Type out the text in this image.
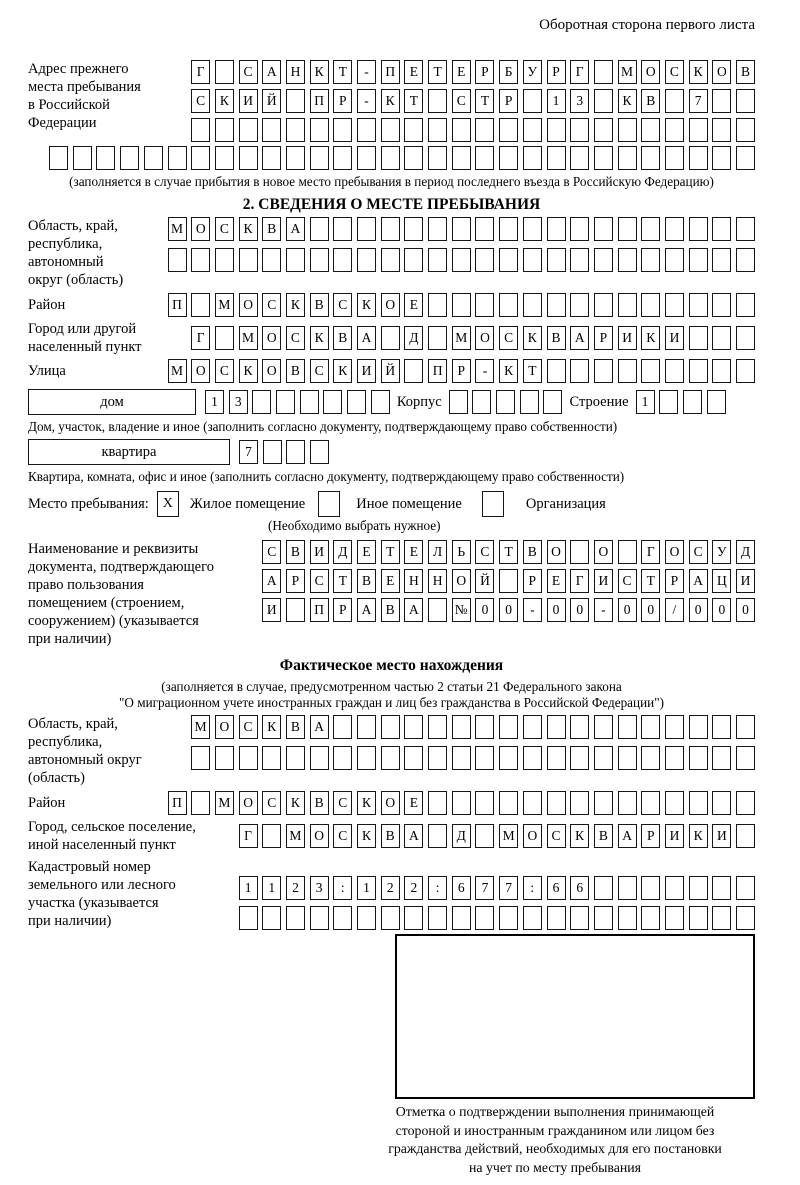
Оборотная сторона первого листа
Адрес прежнего
места пребывания
в Российской
Федерации
Г	С	А	Н	К	Т	-	П	Е	Т	Е	Р	Б	У	Р	Г	М О	С	К	О	В
С	К	И	Й	П	Р	-	К	Т	С	Т	Р	1	3	К	В	7
(заполняется в случае прибытия в новое место пребывания в период последнего въезда в Российскую Федерацию)
2. СВЕДЕНИЯ О МЕСТЕ ПРЕБЫВАНИЯ
Область, край,
республика,
автономный
округ (область)
М О	С	К	В	А
Район	П	М О	С	К	В	С	К	О	Е
Город или другой
населенный пункт
Г	М О	С	К	В	А	Д	М О	С	К	В	А	Р	И	К	И
Улица	М О	С	К	О	В	С	К	И	Й	П	Р	-	К	Т
дом	1	3	Корпус	Строение 1
Дом, участок, владение и иное (заполнить согласно документу, подтверждающему право собственности)
квартира	7
Квартира, комната, офис и иное (заполнить согласно документу, подтверждающему право собственности)
Место пребывания: X	Жилое помещение	Иное помещение	Организация
(Необходимо выбрать нужное)
Наименование и реквизиты
документа, подтверждающего
право пользования
помещением (строением,
сооружением) (указывается
при наличии)
С	В	И	Д	Е	Т	Е	Л	Ь	С	Т	В	О	О	Г	О	С	У	Д
А	Р	С	Т	В	Е	Н	Н	О	Й	Р	Е	Г	И	С	Т	Р	А	Ц	И
И	П	Р	А	В	А	№	0	0	-	0	0	-	0	0	/	0	0	0
Фактическое место нахождения
(заполняется в случае, предусмотренном частью 2 статьи 21 Федерального закона
"О миграционном учете иностранных граждан и лиц без гражданства в Российской Федерации")
Область, край,
республика,
автономный округ
(область)
М О	С	К	В	А
Район	П	М О	С	К	В	С	К	О	Е
Город, сельское поселение,
иной населенный пункт
Г	М О	С	К	В	А	Д	М О	С	К	В	А	Р	И	К	И
Кадастровый номер
земельного или лесного
участка (указывается
при наличии)
1	1	2	3	:	1	2	2	:	6	7	7	:	6	6
Отметка о подтверждении выполнения принимающей
стороной и иностранным гражданином или лицом без
гражданства действий, необходимых для его постановки
на учет по месту пребывания
